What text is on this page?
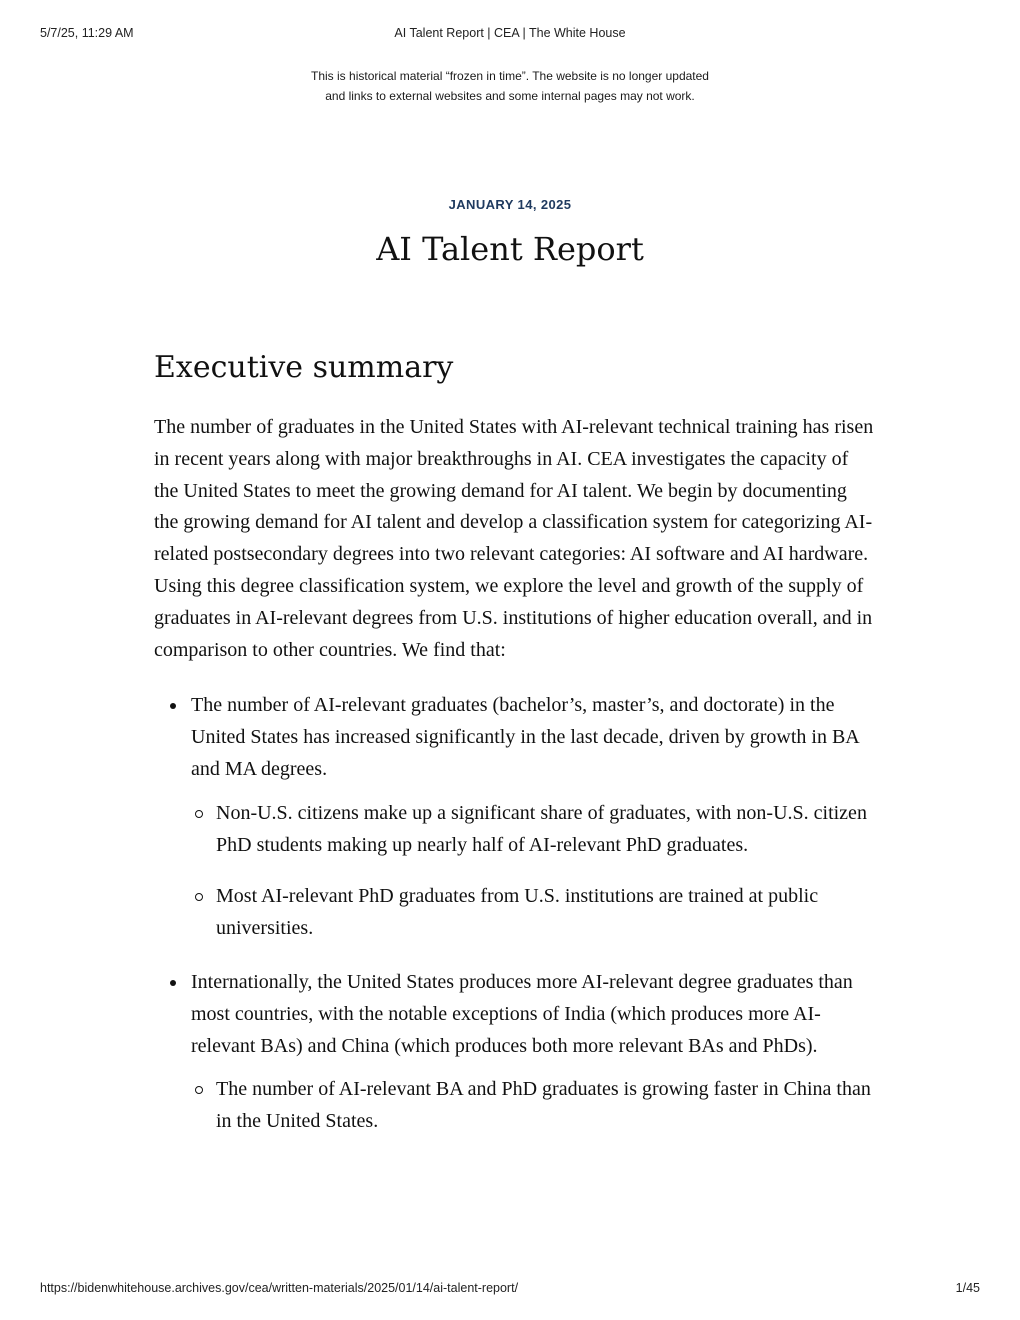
5/7/25, 11:29 AM	AI Talent Report | CEA | The White House
This is historical material “frozen in time”. The website is no longer updated
and links to external websites and some internal pages may not work.
JANUARY 14, 2025
AI Talent Report
Executive summary

The number of graduates in the United States with AI-relevant technical training has risen in recent years along with major breakthroughs in AI. CEA investigates the capacity of the United States to meet the growing demand for AI talent. We begin by documenting the growing demand for AI talent and develop a classification system for categorizing AI-related postsecondary degrees into two relevant categories: AI software and AI hardware. Using this degree classification system, we explore the level and growth of the supply of graduates in AI-relevant degrees from U.S. institutions of higher education overall, and in comparison to other countries. We find that:

The number of AI-relevant graduates (bachelor’s, master’s, and doctorate) in the United States has increased significantly in the last decade, driven by growth in BA and MA degrees.
Non-U.S. citizens make up a significant share of graduates, with non-U.S. citizen PhD students making up nearly half of AI-relevant PhD graduates.
Most AI-relevant PhD graduates from U.S. institutions are trained at public universities.
Internationally, the United States produces more AI-relevant degree graduates than most countries, with the notable exceptions of India (which produces more AI-relevant BAs) and China (which produces both more relevant BAs and PhDs).
The number of AI-relevant BA and PhD graduates is growing faster in China than in the United States.
https://bidenwhitehouse.archives.gov/cea/written-materials/2025/01/14/ai-talent-report/	1/45
